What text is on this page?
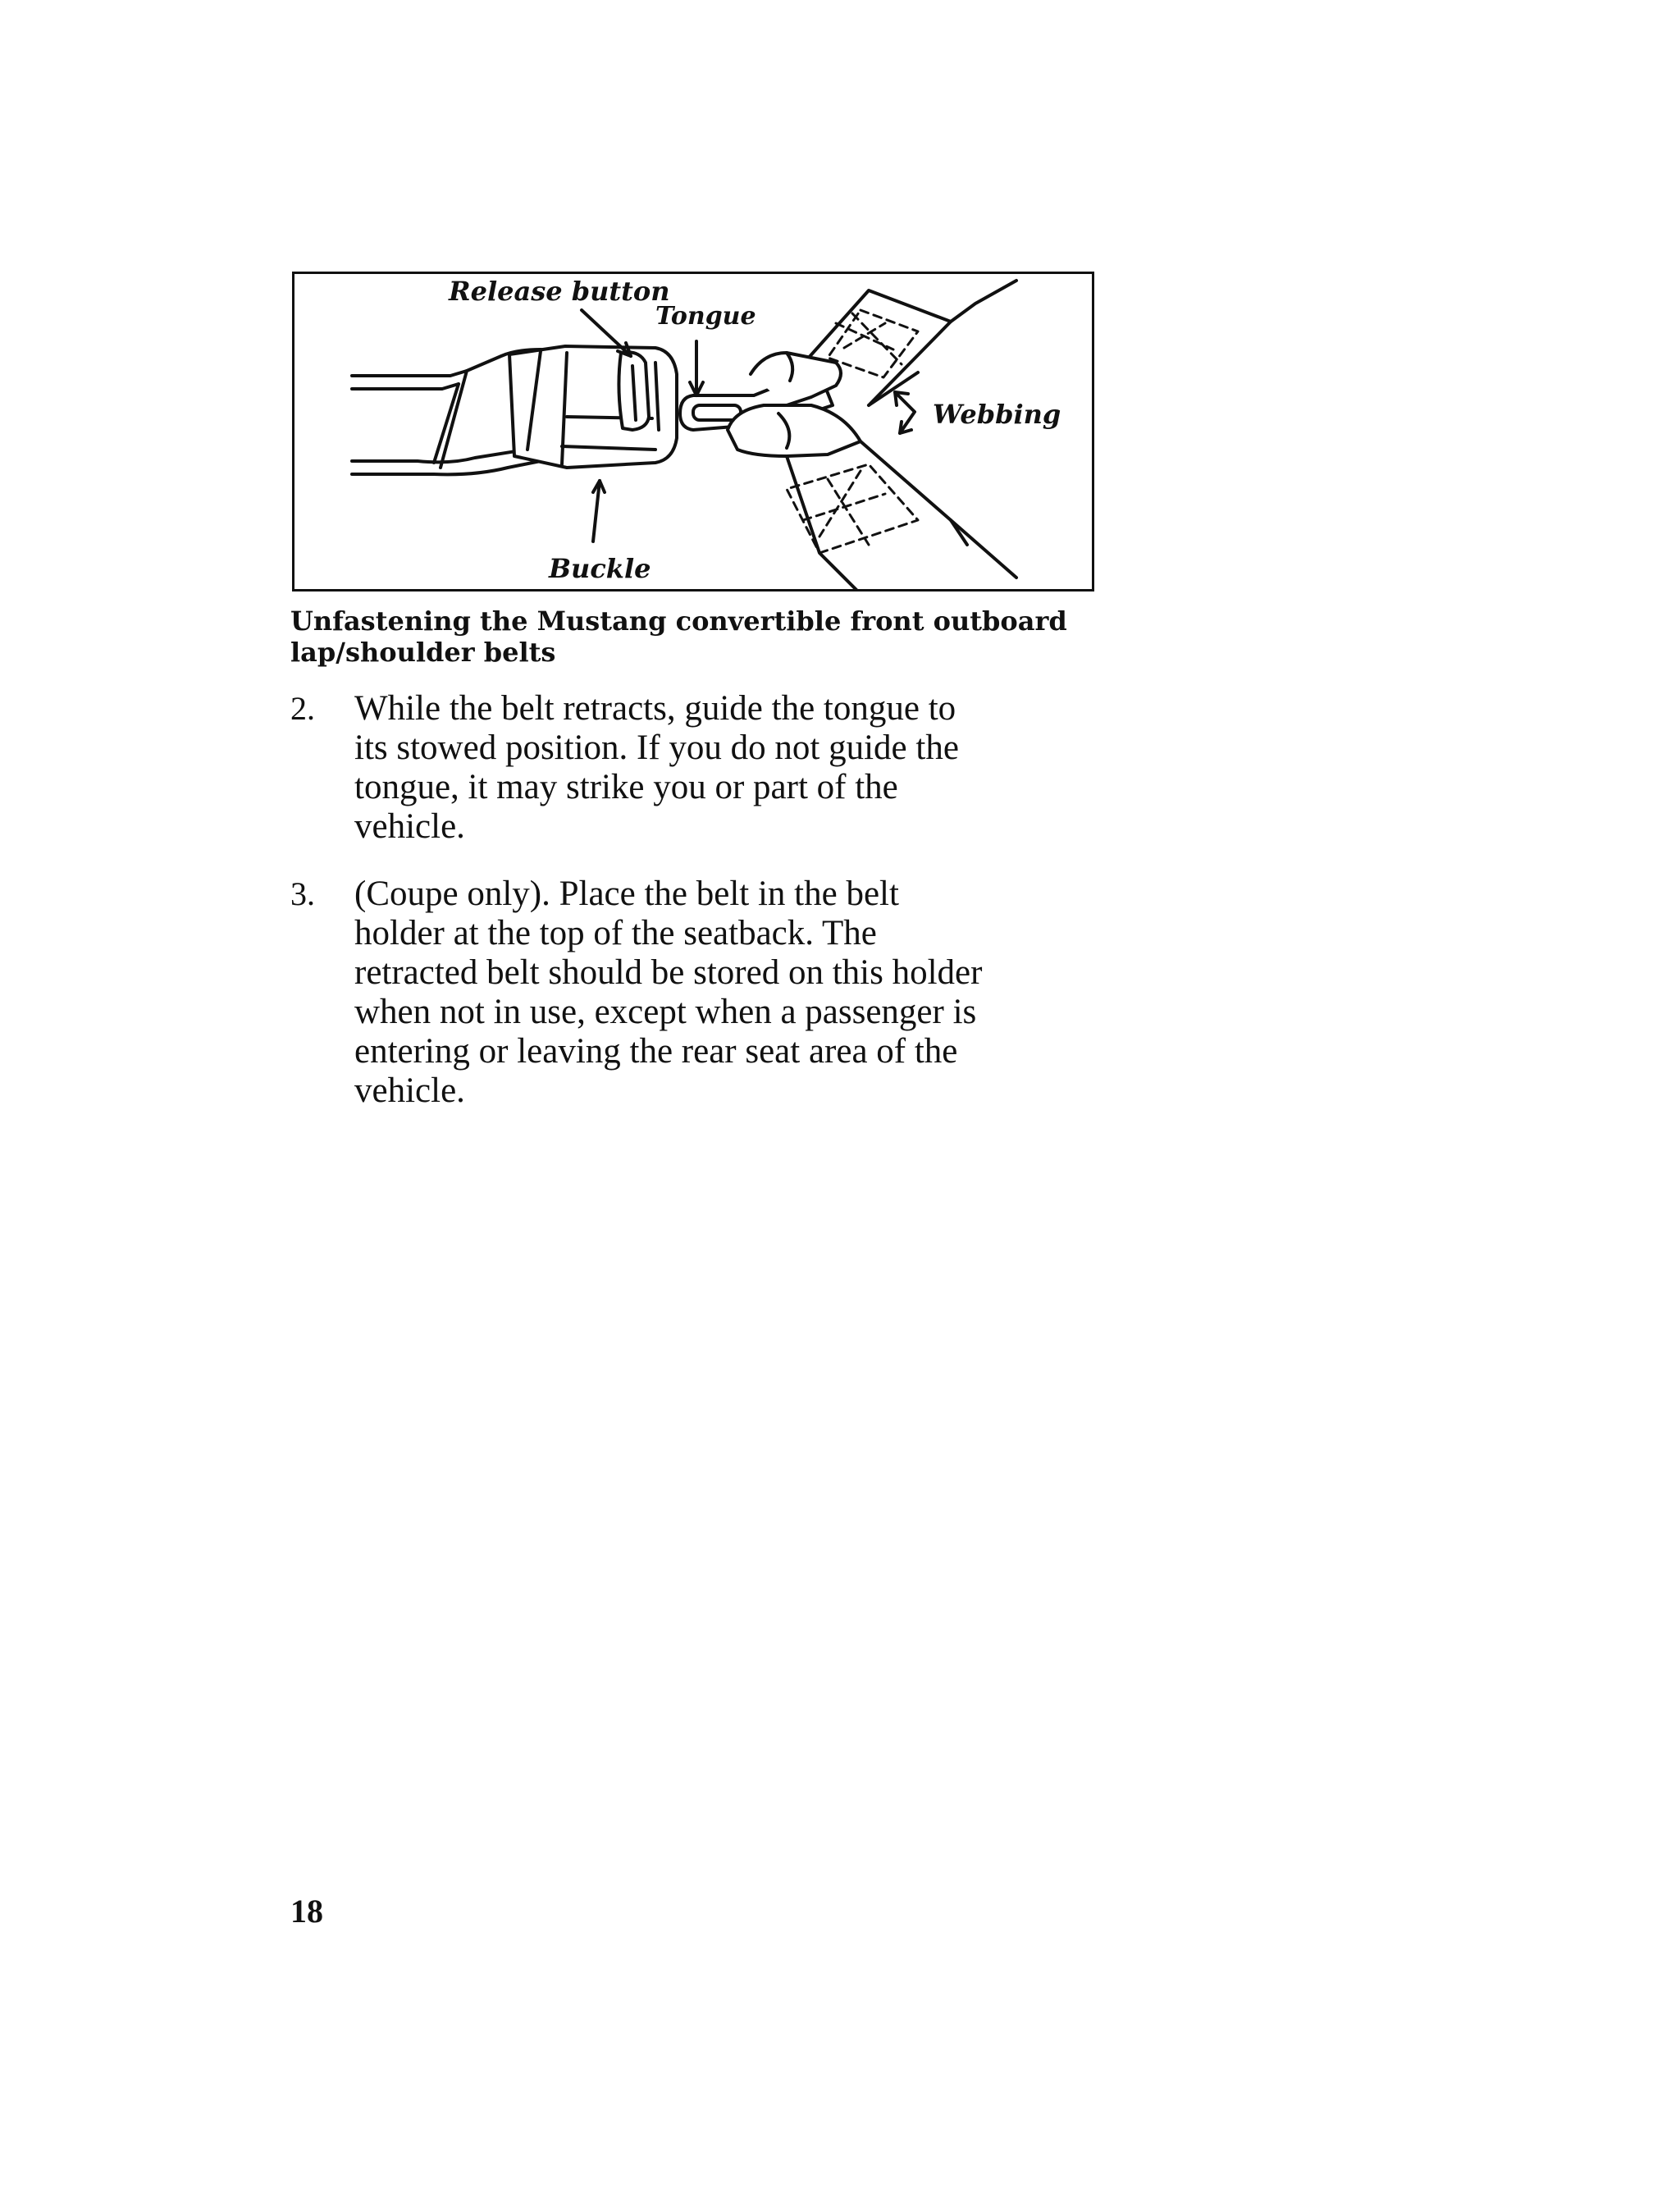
Release button
Tongue
Webbing
Buckle
Unfastening the Mustang convertible front outboard
lap/shoulder belts
2. While the belt retracts, guide the tongue to
its stowed position. If you do not guide the
tongue, it may strike you or part of the
vehicle.
3. (Coupe only). Place the belt in the belt
holder at the top of the seatback. The
retracted belt should be stored on this holder
when not in use, except when a passenger is
entering or leaving the rear seat area of the
vehicle.
18
